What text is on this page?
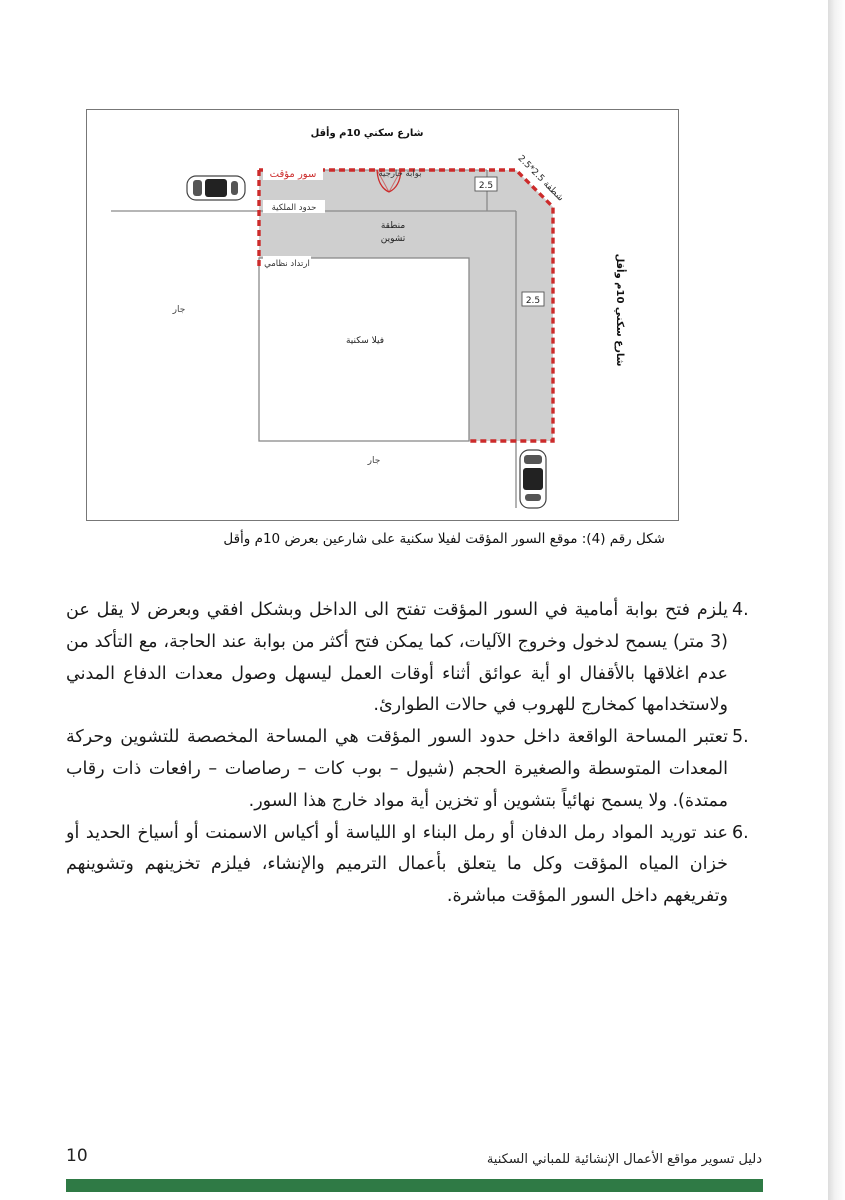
2.5
2.5
شارع سكني 10م وأقل
شارع سكني 10م وأقل
شطفة 2.5*2.5
سور مؤقت
حدود الملكية
ارتداد نظامي
بوابة خارجية
منطقة
تشوين
فيلا سكنية
جار
جار
شكل رقم (4): موقع السور المؤقت لفيلا سكنية على شارعين بعرض 10م وأقل
4.
يلزم فتح بوابة أمامية في السور المؤقت تفتح الى الداخل وبشكل افقي وبعرض لا يقل عن (3 متر) يسمح لدخول وخروج الآليات، كما يمكن فتح أكثر من بوابة عند الحاجة، مع التأكد من عدم اغلاقها بالأقفال او أية عوائق أثناء أوقات العمل ليسهل وصول معدات الدفاع المدني ولاستخدامها كمخارج للهروب في حالات الطوارئ.
5.
تعتبر المساحة الواقعة داخل حدود السور المؤقت هي المساحة المخصصة للتشوين وحركة المعدات المتوسطة والصغيرة الحجم (شيول – بوب كات – رصاصات – رافعات ذات رقاب ممتدة). ولا يسمح نهائياً بتشوين أو تخزين أية مواد خارج هذا السور.
6.
عند توريد المواد رمل الدفان أو رمل البناء او اللياسة أو أكياس الاسمنت أو أسياخ الحديد أو خزان المياه المؤقت وكل ما يتعلق بأعمال الترميم والإنشاء، فيلزم تخزينهم وتشوينهم وتفريغهم داخل السور المؤقت مباشرة.
دليل تسوير مواقع الأعمال الإنشائية للمباني السكنية
10
